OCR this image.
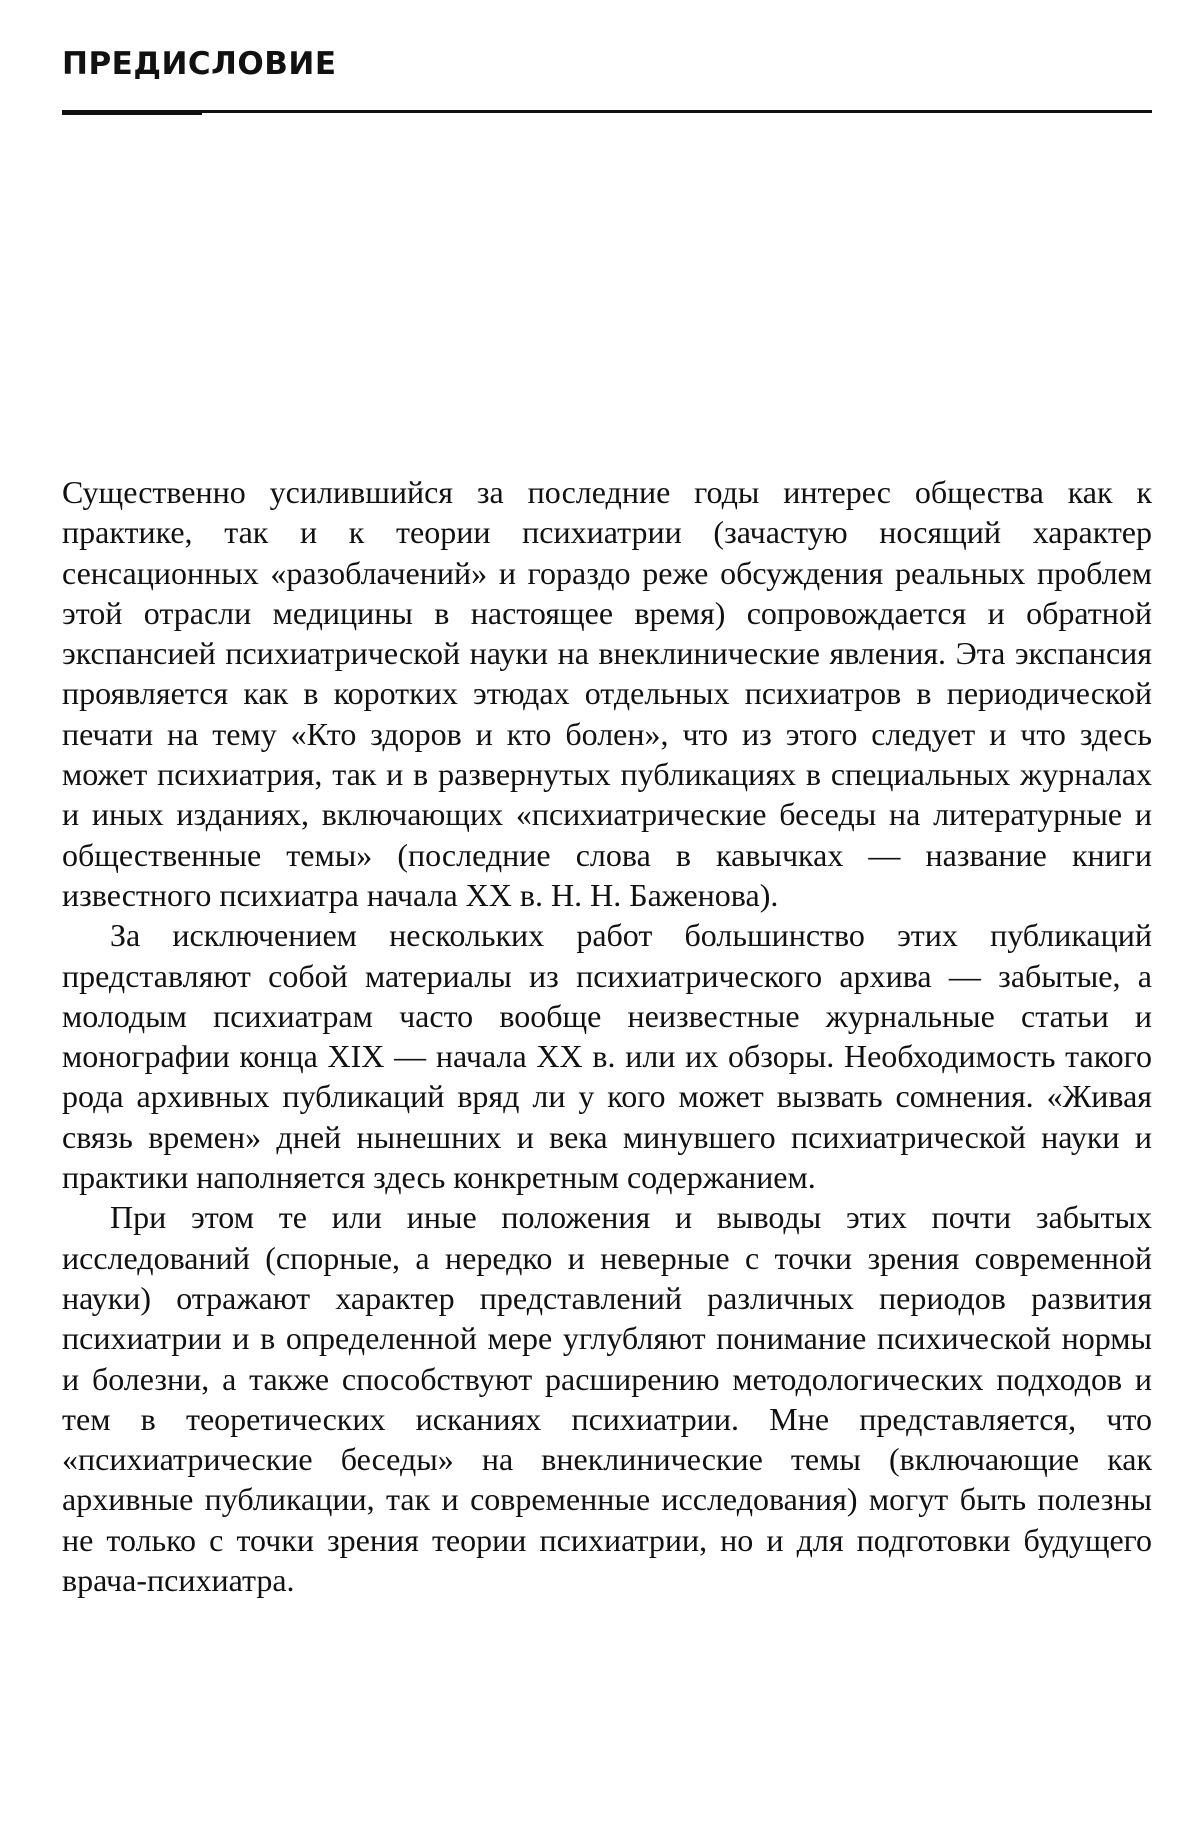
ПРЕДИСЛОВИЕ

Существенно усилившийся за последние годы интерес общества как к практике, так и к теории психиатрии (зачастую носящий характер сенсационных «разоблачений» и гораздо реже обсуждения реальных проблем этой отрасли медицины в настоящее время) сопровождается и обратной экспансией психиатрической науки на внеклинические явления. Эта экспансия проявляется как в коротких этюдах отдельных психиатров в периодической печати на тему «Кто здоров и кто болен», что из этого следует и что здесь может психиатрия, так и в развернутых публикациях в специальных журналах и иных изданиях, включающих «психиатрические беседы на литературные и общественные темы» (последние слова в кавычках — название книги известного психиатра начала XX в. Н. Н. Баженова).

За исключением нескольких работ большинство этих публикаций представляют собой материалы из психиатрического архива — забытые, а молодым психиатрам часто вообще неизвестные журнальные статьи и монографии конца XIX — начала XX в. или их обзоры. Необходимость такого рода архивных публикаций вряд ли у кого может вызвать сомнения. «Живая связь времен» дней нынешних и века минувшего психиатрической науки и практики наполняется здесь конкретным содержанием.

При этом те или иные положения и выводы этих почти забытых исследований (спорные, а нередко и неверные с точки зрения современной науки) отражают характер представлений различных периодов развития психиатрии и в определенной мере углубляют понимание психической нормы и болезни, а также способствуют расширению методологических подходов и тем в теоретических исканиях психиатрии. Мне представляется, что «психиатрические беседы» на внеклинические темы (включающие как архивные публикации, так и современные исследования) могут быть полезны не только с точки зрения теории психиатрии, но и для подготовки будущего врача-психиатра.
